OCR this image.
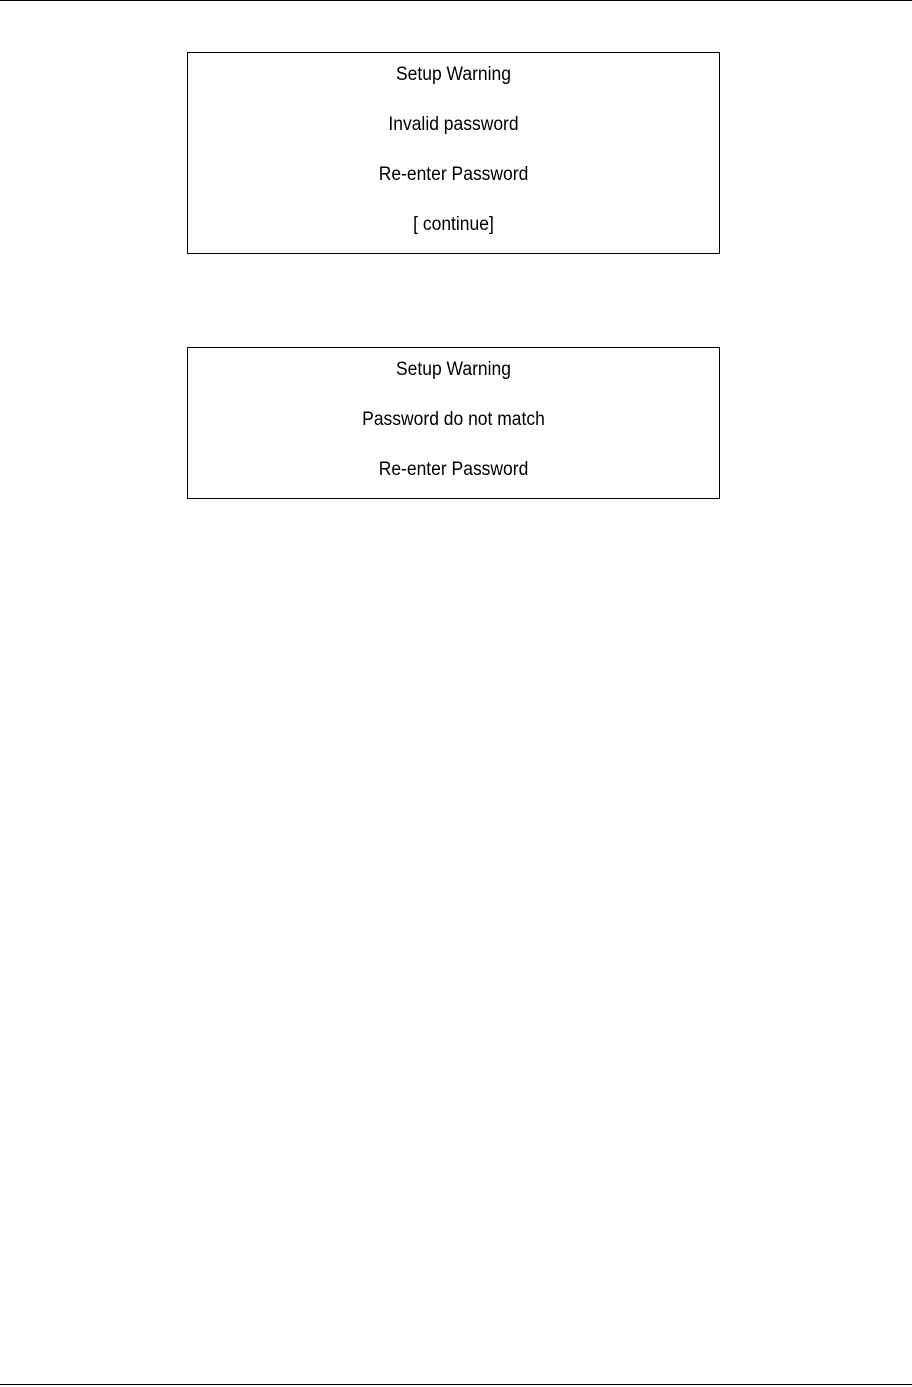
Setup Warning
Invalid password
Re-enter Password
[ continue]
Setup Warning
Password do not match
Re-enter Password
